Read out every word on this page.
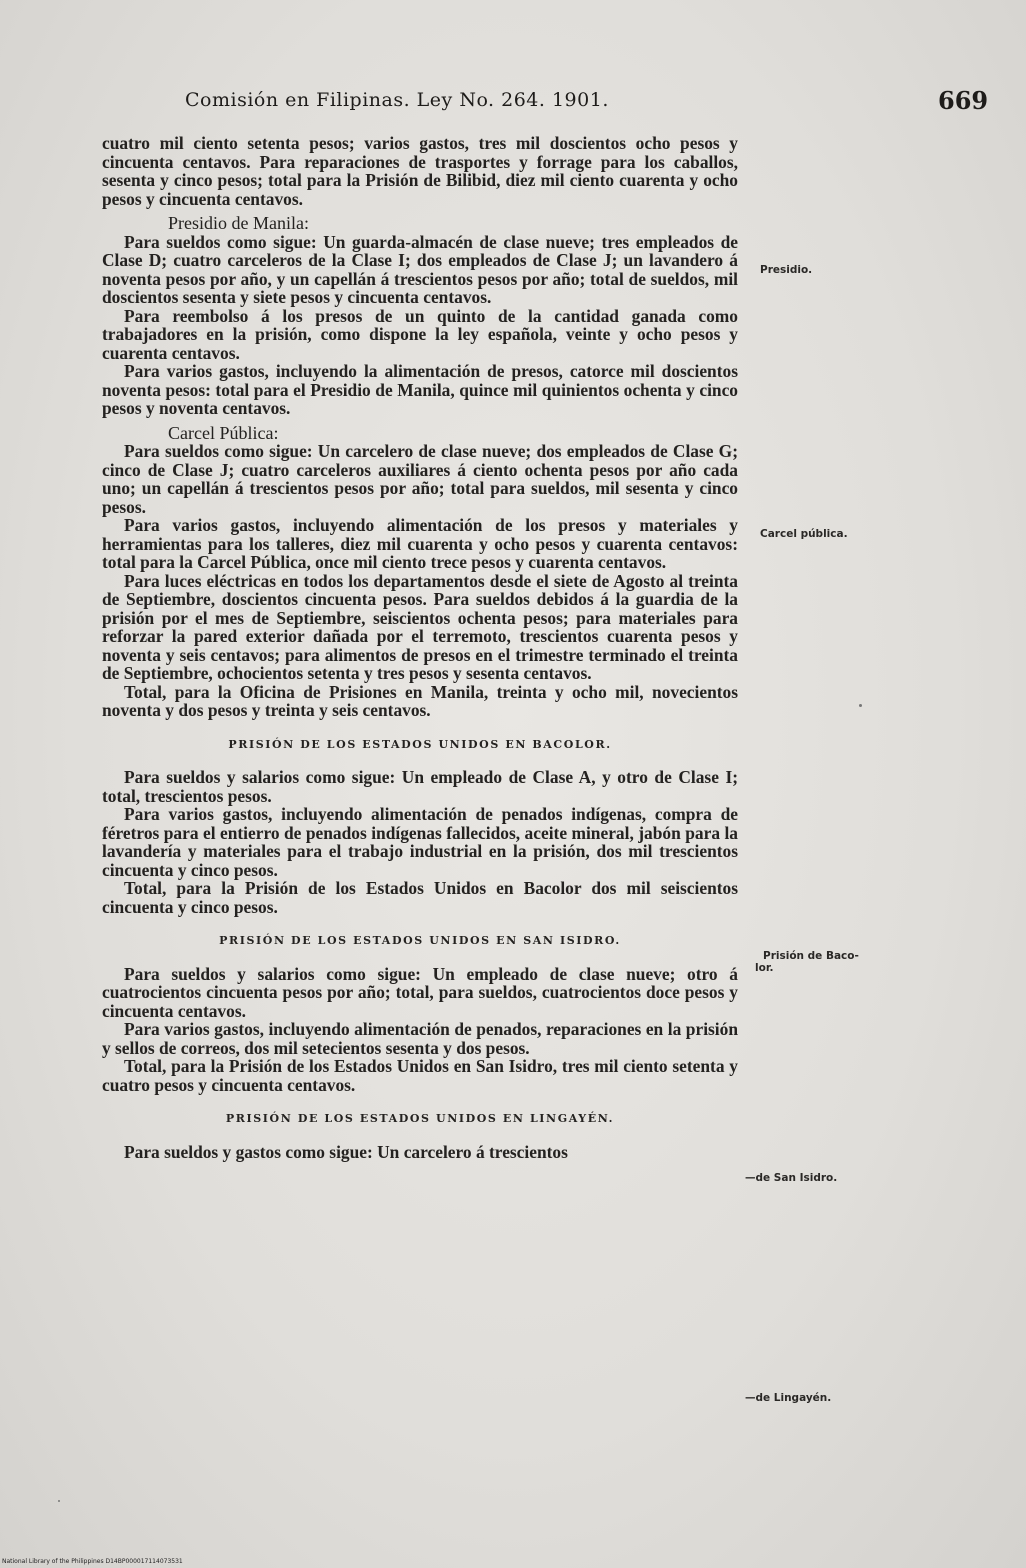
Comisión en Filipinas. Ley No. 264. 1901.	669

cuatro mil ciento setenta pesos; varios gastos, tres mil doscientos ocho pesos y cincuenta centavos. Para reparaciones de trasportes y forrage para los caballos, sesenta y cinco pesos; total para la Prisión de Bilibid, diez mil ciento cuarenta y ocho pesos y cincuenta centavos.

Presidio de Manila:

Para sueldos como sigue: Un guarda-almacén de clase nueve; tres empleados de Clase D; cuatro carceleros de la Clase I; dos empleados de Clase J; un lavandero á noventa pesos por año, y un capellán á trescientos pesos por año; total de sueldos, mil doscientos sesenta y siete pesos y cincuenta centavos.

Para reembolso á los presos de un quinto de la cantidad ganada como trabajadores en la prisión, como dispone la ley española, veinte y ocho pesos y cuarenta centavos.

Para varios gastos, incluyendo la alimentación de presos, catorce mil doscientos noventa pesos: total para el Presidio de Manila, quince mil quinientos ochenta y cinco pesos y noventa centavos.

Carcel Pública:

Para sueldos como sigue: Un carcelero de clase nueve; dos empleados de Clase G; cinco de Clase J; cuatro carceleros auxiliares á ciento ochenta pesos por año cada uno; un capellán á trescientos pesos por año; total para sueldos, mil sesenta y cinco pesos.

Para varios gastos, incluyendo alimentación de los presos y materiales y herramientas para los talleres, diez mil cuarenta y ocho pesos y cuarenta centavos: total para la Carcel Pública, once mil ciento trece pesos y cuarenta centavos.

Para luces eléctricas en todos los departamentos desde el siete de Agosto al treinta de Septiembre, doscientos cincuenta pesos. Para sueldos debidos á la guardia de la prisión por el mes de Septiembre, seiscientos ochenta pesos; para materiales para reforzar la pared exterior dañada por el terremoto, trescientos cuarenta pesos y noventa y seis centavos; para alimentos de presos en el trimestre terminado el treinta de Septiembre, ochocientos setenta y tres pesos y sesenta centavos.

Total, para la Oficina de Prisiones en Manila, treinta y ocho mil, novecientos noventa y dos pesos y treinta y seis centavos.

PRISIÓN DE LOS ESTADOS UNIDOS EN BACOLOR.

Para sueldos y salarios como sigue: Un empleado de Clase A, y otro de Clase I; total, trescientos pesos.

Para varios gastos, incluyendo alimentación de penados indígenas, compra de féretros para el entierro de penados indígenas fallecidos, aceite mineral, jabón para la lavandería y materiales para el trabajo industrial en la prisión, dos mil trescientos cincuenta y cinco pesos.

Total, para la Prisión de los Estados Unidos en Bacolor dos mil seiscientos cincuenta y cinco pesos.

PRISIÓN DE LOS ESTADOS UNIDOS EN SAN ISIDRO.

Para sueldos y salarios como sigue: Un empleado de clase nueve; otro á cuatrocientos cincuenta pesos por año; total, para sueldos, cuatrocientos doce pesos y cincuenta centavos.

Para varios gastos, incluyendo alimentación de penados, reparaciones en la prisión y sellos de correos, dos mil setecientos sesenta y dos pesos.

Total, para la Prisión de los Estados Unidos en San Isidro, tres mil ciento setenta y cuatro pesos y cincuenta centavos.

PRISIÓN DE LOS ESTADOS UNIDOS EN LINGAYÉN.

Para sueldos y gastos como sigue: Un carcelero á trescientos

Presidio.
Carcel pública.
Prisión de Baco-
lor.
—de San Isidro.
—de Lingayén.
National Library of the Philippines D14BP000017114073531
